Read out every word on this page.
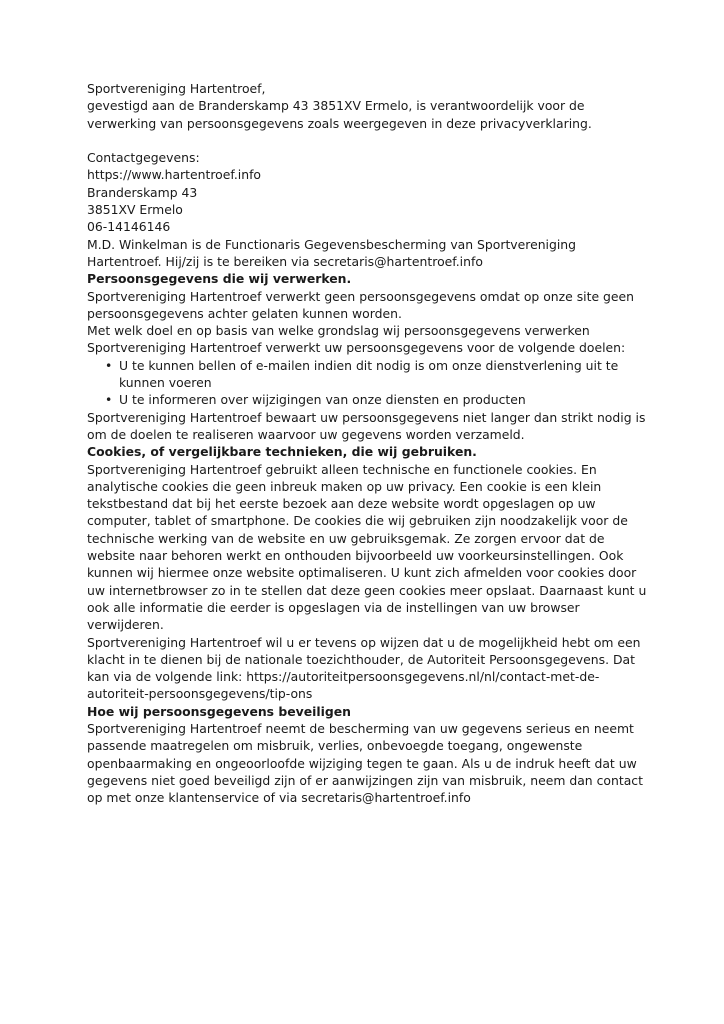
Sportvereniging Hartentroef,

gevestigd aan de Branderskamp 43 3851XV Ermelo, is verantwoordelijk voor de verwerking van persoonsgegevens zoals weergegeven in deze privacyverklaring.

Contactgegevens:

https://www.hartentroef.info

Branderskamp 43

3851XV Ermelo

06-14146146

M.D. Winkelman is de Functionaris Gegevensbescherming van Sportvereniging Hartentroef. Hij/zij is te bereiken via secretaris@hartentroef.info

Persoonsgegevens die wij verwerken.

Sportvereniging Hartentroef verwerkt geen persoonsgegevens omdat op onze site geen persoonsgegevens achter gelaten kunnen worden.

Met welk doel en op basis van welke grondslag wij persoonsgegevens verwerken

Sportvereniging Hartentroef verwerkt uw persoonsgegevens voor de volgende doelen:

• U te kunnen bellen of e-mailen indien dit nodig is om onze dienstverlening uit te kunnen voeren
• U te informeren over wijzigingen van onze diensten en producten

Sportvereniging Hartentroef bewaart uw persoonsgegevens niet langer dan strikt nodig is om de doelen te realiseren waarvoor uw gegevens worden verzameld.

Cookies, of vergelijkbare technieken, die wij gebruiken.

Sportvereniging Hartentroef gebruikt alleen technische en functionele cookies. En analytische cookies die geen inbreuk maken op uw privacy. Een cookie is een klein tekstbestand dat bij het eerste bezoek aan deze website wordt opgeslagen op uw computer, tablet of smartphone. De cookies die wij gebruiken zijn noodzakelijk voor de technische werking van de website en uw gebruiksgemak. Ze zorgen ervoor dat de website naar behoren werkt en onthouden bijvoorbeeld uw voorkeursinstellingen. Ook kunnen wij hiermee onze website optimaliseren. U kunt zich afmelden voor cookies door uw internetbrowser zo in te stellen dat deze geen cookies meer opslaat. Daarnaast kunt u ook alle informatie die eerder is opgeslagen via de instellingen van uw browser verwijderen.

Sportvereniging Hartentroef wil u er tevens op wijzen dat u de mogelijkheid hebt om een klacht in te dienen bij de nationale toezichthouder, de Autoriteit Persoonsgegevens. Dat kan via de volgende link: https://autoriteitpersoonsgegevens.nl/nl/contact-met-de-autoriteit-persoonsgegevens/tip-ons

Hoe wij persoonsgegevens beveiligen

Sportvereniging Hartentroef neemt de bescherming van uw gegevens serieus en neemt passende maatregelen om misbruik, verlies, onbevoegde toegang, ongewenste openbaarmaking en ongeoorloofde wijziging tegen te gaan. Als u de indruk heeft dat uw gegevens niet goed beveiligd zijn of er aanwijzingen zijn van misbruik, neem dan contact op met onze klantenservice of via secretaris@hartentroef.info
